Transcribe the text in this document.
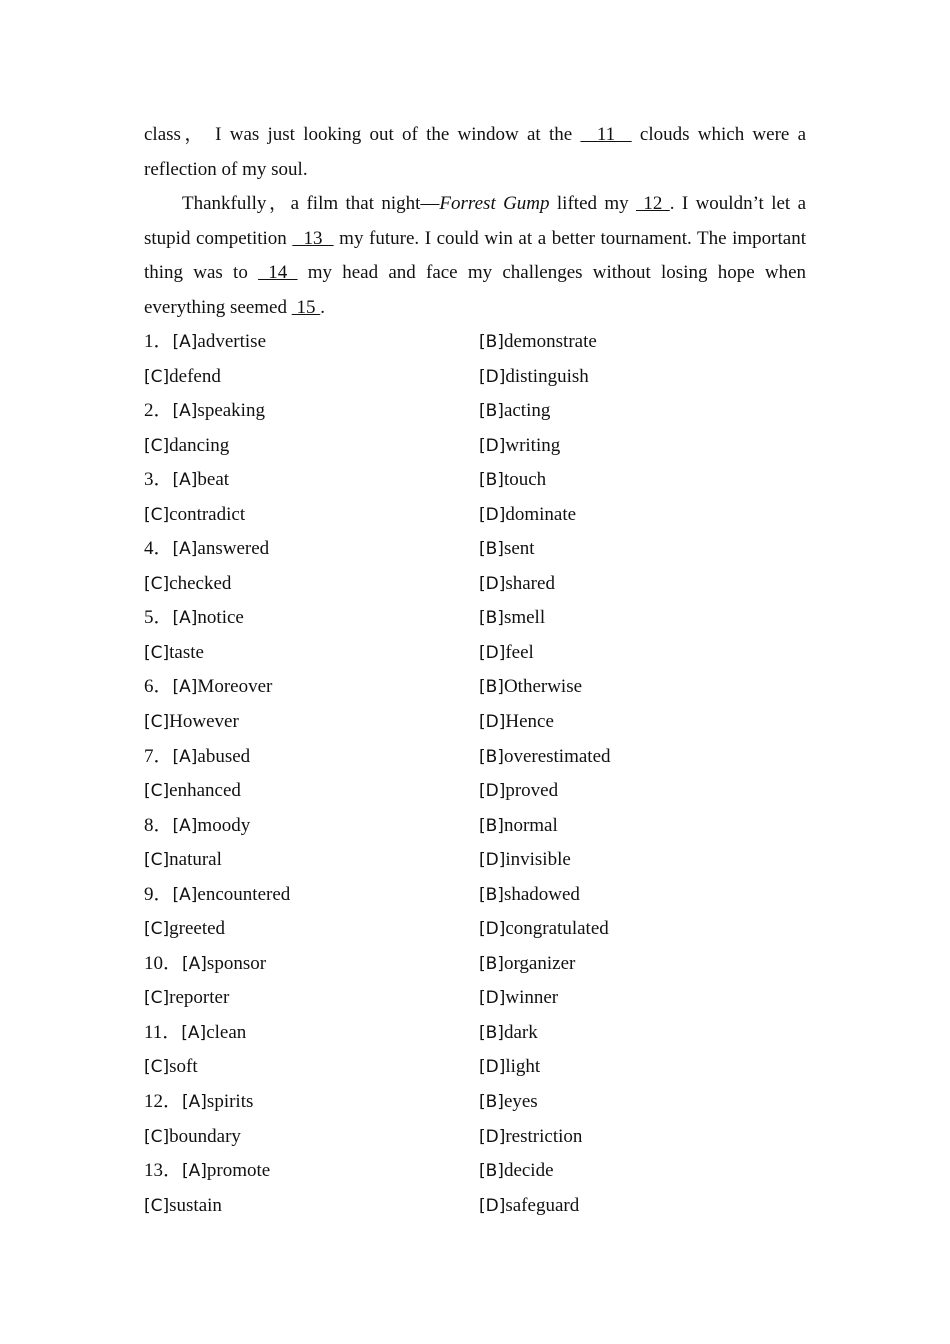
class， I was just looking out of the window at the   11   clouds which were a reflection of my soul.

Thankfully，a film that night—Forrest Gump lifted my  12 . I wouldn’t let a stupid competition   13   my future. I could win at a better tournament. The important thing was to  14  my head and face my challenges without losing hope when everything seemed  15 .

1．[A]advertise	[B]demonstrate
[C]defend	[D]distinguish
2．[A]speaking	[B]acting
[C]dancing	[D]writing
3．[A]beat	[B]touch
[C]contradict	[D]dominate
4．[A]answered	[B]sent
[C]checked	[D]shared
5．[A]notice	[B]smell
[C]taste	[D]feel
6．[A]Moreover	[B]Otherwise
[C]However	[D]Hence
7．[A]abused	[B]overestimated
[C]enhanced	[D]proved
8．[A]moody	[B]normal
[C]natural	[D]invisible
9．[A]encountered	[B]shadowed
[C]greeted	[D]congratulated
10．[A]sponsor	[B]organizer
[C]reporter	[D]winner
11．[A]clean	[B]dark
[C]soft	[D]light
12．[A]spirits	[B]eyes
[C]boundary	[D]restriction
13．[A]promote	[B]decide
[C]sustain	[D]safeguard
